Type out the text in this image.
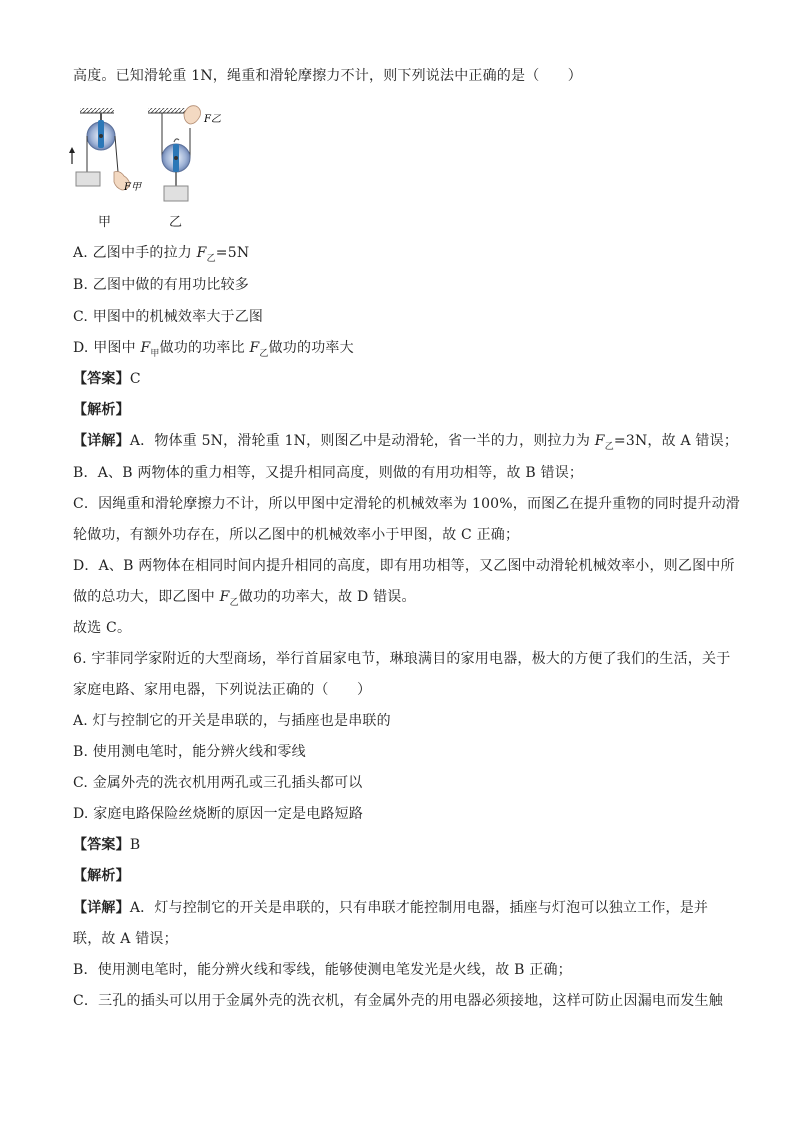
高度。已知滑轮重 1N，绳重和滑轮摩擦力不计，则下列说法中正确的是（　　）
F甲
F乙
甲	乙
A. 乙图中手的拉力 $F_乙=5N$
B. 乙图中做的有用功比较多
C. 甲图中的机械效率大于乙图
D. 甲图中 $F_甲$做功的功率比 $F_乙$做功的功率大
【答案】C
【解析】
【详解】A．物体重 5N，滑轮重 1N，则图乙中是动滑轮，省一半的力，则拉力为 $F_乙=3N$，故 A 错误；
B．A、B 两物体的重力相等，又提升相同高度，则做的有用功相等，故 B 错误；
C．因绳重和滑轮摩擦力不计，所以甲图中定滑轮的机械效率为 100%，而图乙在提升重物的同时提升动滑
轮做功，有额外功存在，所以乙图中的机械效率小于甲图，故 C 正确；
D．A、B 两物体在相同时间内提升相同的高度，即有用功相等，又乙图中动滑轮机械效率小，则乙图中所
做的总功大，即乙图中 $F_乙$做功的功率大，故 D 错误。
故选 C。
6. 宇菲同学家附近的大型商场，举行首届家电节，琳琅满目的家用电器，极大的方便了我们的生活，关于
家庭电路、家用电器，下列说法正确的（　　）
A. 灯与控制它的开关是串联的，与插座也是串联的
B. 使用测电笔时，能分辨火线和零线
C. 金属外壳的洗衣机用两孔或三孔插头都可以
D. 家庭电路保险丝烧断的原因一定是电路短路
【答案】B
【解析】
【详解】A．灯与控制它的开关是串联的，只有串联才能控制用电器，插座与灯泡可以独立工作，是并
联，故 A 错误；
B．使用测电笔时，能分辨火线和零线，能够使测电笔发光是火线，故 B 正确；
C．三孔的插头可以用于金属外壳的洗衣机，有金属外壳的用电器必须接地，这样可防止因漏电而发生触
